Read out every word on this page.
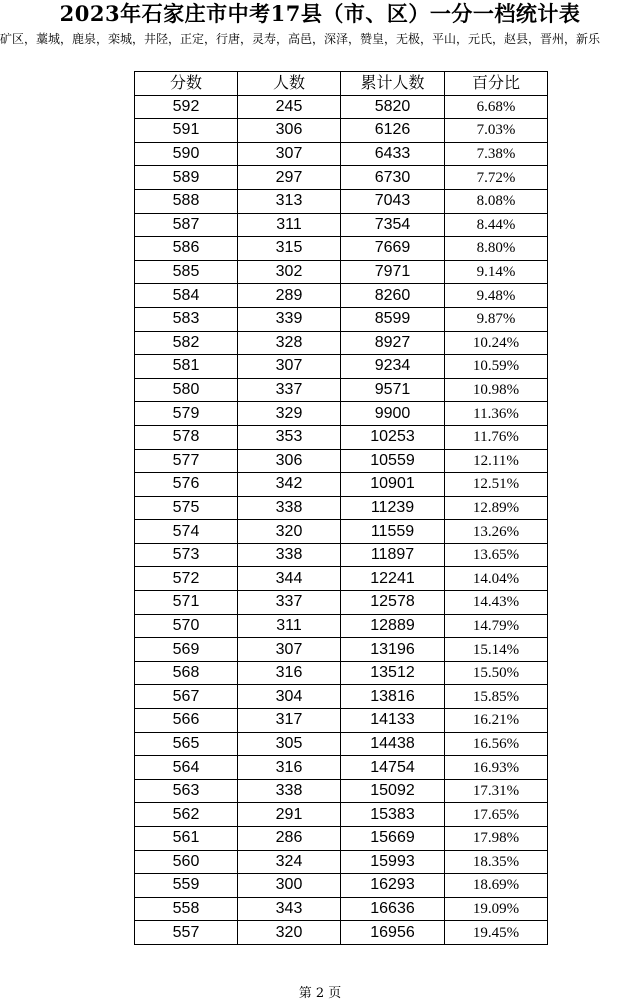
2023年石家庄市中考17县（市、区）一分一档统计表
矿区，藁城，鹿泉，栾城，井陉，正定，行唐，灵寿，高邑，深泽，赞皇，无极，平山，元氏，赵县，晋州，新乐
分数	人数	累计人数	百分比
592	245	5820	6.68%
591	306	6126	7.03%
590	307	6433	7.38%
589	297	6730	7.72%
588	313	7043	8.08%
587	311	7354	8.44%
586	315	7669	8.80%
585	302	7971	9.14%
584	289	8260	9.48%
583	339	8599	9.87%
582	328	8927	10.24%
581	307	9234	10.59%
580	337	9571	10.98%
579	329	9900	11.36%
578	353	10253	11.76%
577	306	10559	12.11%
576	342	10901	12.51%
575	338	11239	12.89%
574	320	11559	13.26%
573	338	11897	13.65%
572	344	12241	14.04%
571	337	12578	14.43%
570	311	12889	14.79%
569	307	13196	15.14%
568	316	13512	15.50%
567	304	13816	15.85%
566	317	14133	16.21%
565	305	14438	16.56%
564	316	14754	16.93%
563	338	15092	17.31%
562	291	15383	17.65%
561	286	15669	17.98%
560	324	15993	18.35%
559	300	16293	18.69%
558	343	16636	19.09%
557	320	16956	19.45%
第 2 页
